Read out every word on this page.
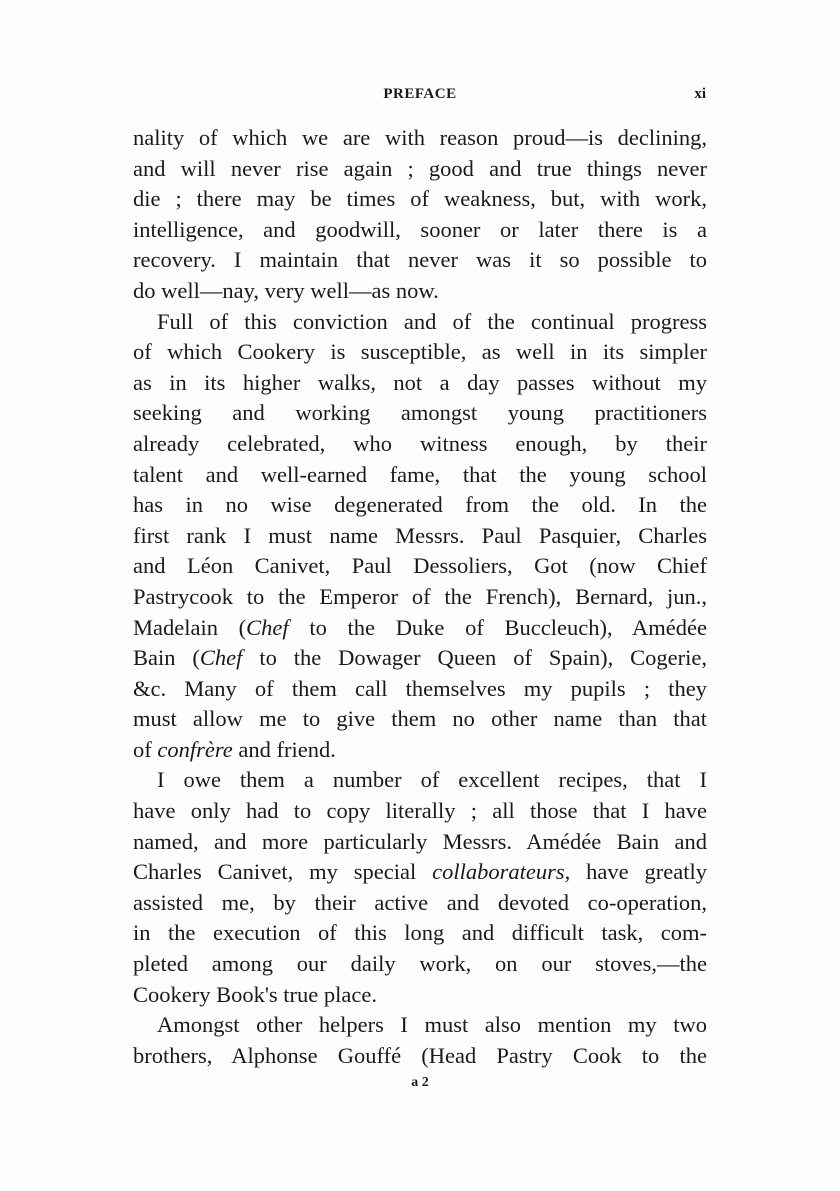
PREFACE	xi

nality of which we are with reason proud—is declining,
and will never rise again ; good and true things never
die ; there may be times of weakness, but, with work,
intelligence, and goodwill, sooner or later there is a
recovery. I maintain that never was it so possible to
do well—nay, very well—as now.

Full of this conviction and of the continual progress
of which Cookery is susceptible, as well in its simpler
as in its higher walks, not a day passes without my
seeking and working amongst young practitioners
already celebrated, who witness enough, by their
talent and well-earned fame, that the young school
has in no wise degenerated from the old. In the
first rank I must name Messrs. Paul Pasquier, Charles
and Léon Canivet, Paul Dessoliers, Got (now Chief
Pastrycook to the Emperor of the French), Bernard, jun.,
Madelain (Chef to the Duke of Buccleuch), Amédée
Bain (Chef to the Dowager Queen of Spain), Cogerie,
&c. Many of them call themselves my pupils ; they
must allow me to give them no other name than that
of confrère and friend.

I owe them a number of excellent recipes, that I
have only had to copy literally ; all those that I have
named, and more particularly Messrs. Amédée Bain and
Charles Canivet, my special collaborateurs, have greatly
assisted me, by their active and devoted co-operation,
in the execution of this long and difficult task, com-
pleted among our daily work, on our stoves,—the
Cookery Book's true place.

Amongst other helpers I must also mention my two
brothers, Alphonse Gouffé (Head Pastry Cook to the

a 2
